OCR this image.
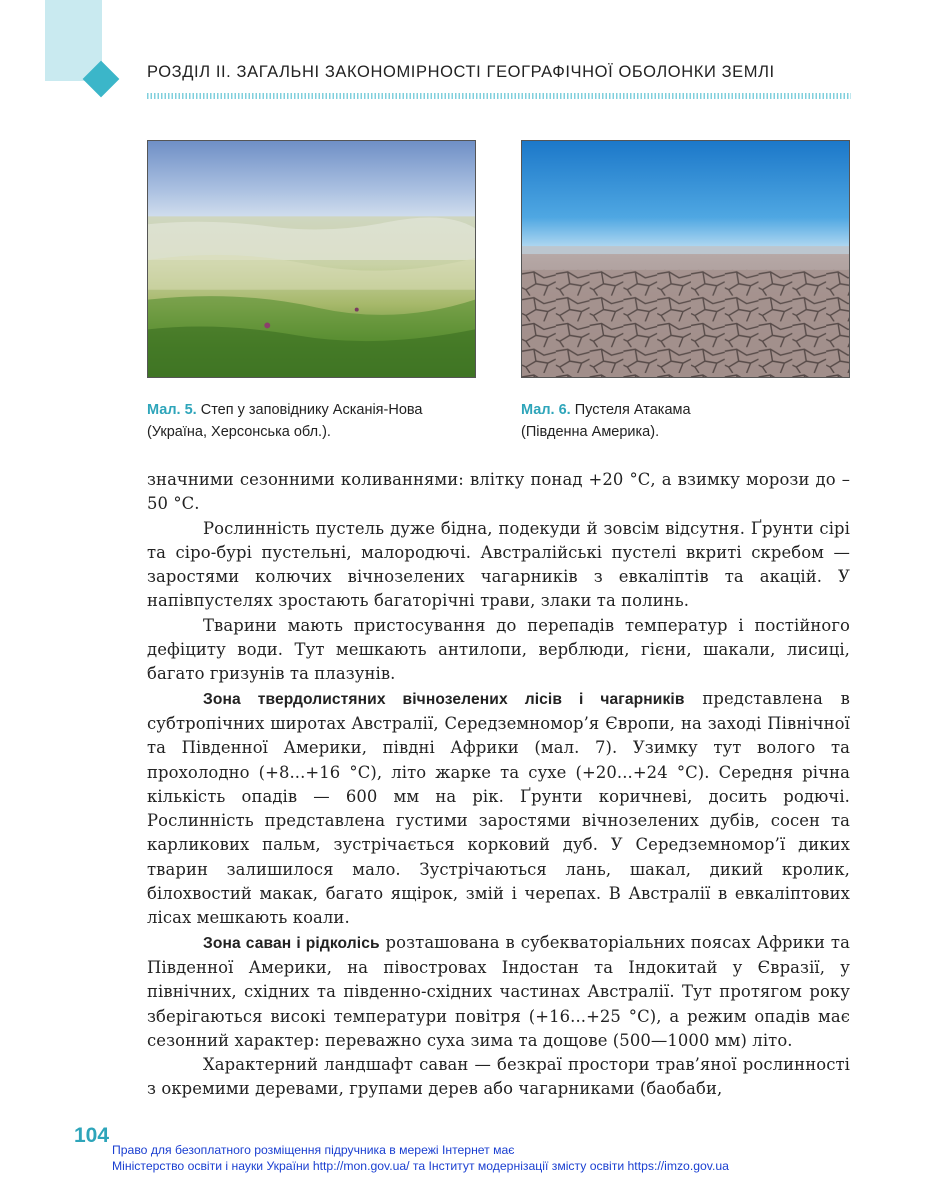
РОЗДІЛ ІІ. ЗАГАЛЬНІ ЗАКОНОМІРНОСТІ ГЕОГРАФІЧНОЇ ОБОЛОНКИ ЗЕМЛІ

Мал. 5. Степ у заповіднику Асканія-Нова
(Україна, Херсонська обл.).

Мал. 6. Пустеля Атакама
(Південна Америка).

значними сезонними коливаннями: влітку понад +20 °С, а взимку морози до –50 °С.

Рослинність пустель дуже бідна, подекуди й зовсім відсутня. Ґрунти сірі та сіро-бурі пустельні, малородючі. Австралійські пустелі вкриті скребом — заростями колючих вічнозелених чагарників з евкаліптів та акацій. У напівпустелях зростають багаторічні трави, злаки та полинь.

Тварини мають пристосування до перепадів температур і постійного дефіциту води. Тут мешкають антилопи, верблюди, гієни, шакали, лисиці, багато гризунів та плазунів.

Зона твердолистяних вічнозелених лісів і чагарників представлена в субтропічних широтах Австралії, Середземномор’я Європи, на заході Північної та Південної Америки, півдні Африки (мал. 7). Узимку тут волого та прохолодно (+8...+16 °С), літо жарке та сухе (+20...+24 °С). Середня річна кількість опадів — 600 мм на рік. Ґрунти коричневі, досить родючі. Рослинність представлена густими заростями вічнозелених дубів, сосен та карликових пальм, зустрічається корковий дуб. У Середземномор’ї диких тварин залишилося мало. Зустрічаються лань, шакал, дикий кролик, білохвостий макак, багато ящірок, змій і черепах. В Австралії в евкаліптових лісах мешкають коали.

Зона саван і рідколісь розташована в субекваторіальних поясах Африки та Південної Америки, на півостровах Індостан та Індокитай у Євразії, у північних, східних та південно-східних частинах Австралії. Тут протягом року зберігаються високі температури повітря (+16...+25 °С), а режим опадів має сезонний характер: переважно суха зима та дощове (500—1000 мм) літо.

Характерний ландшафт саван — безкраї простори трав’яної рослинності з окремими деревами, групами дерев або чагарниками (баобаби,

104

Право для безоплатного розміщення підручника в мережі Інтернет має
Міністерство освіти і науки України http://mon.gov.ua/ та Інститут модернізації змісту освіти https://imzo.gov.ua
